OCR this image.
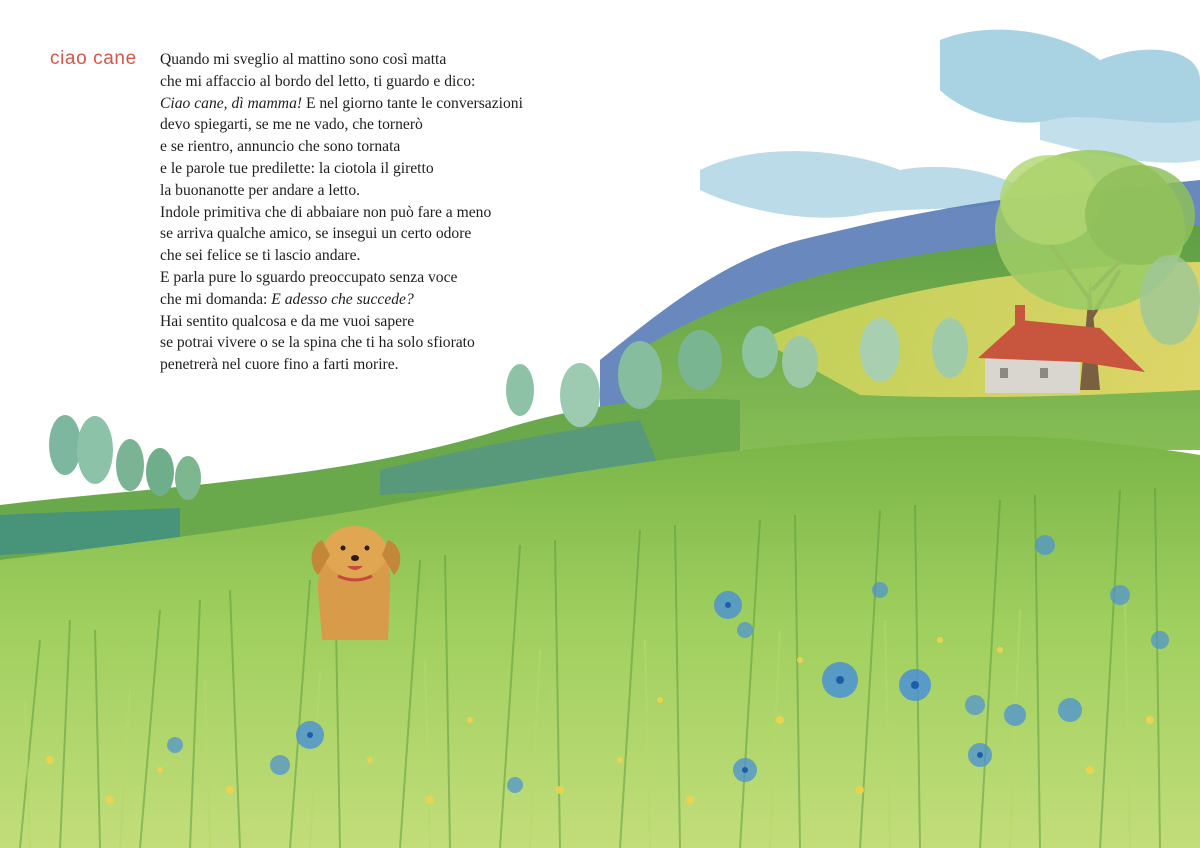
ciao cane Quando mi sveglio al mattino sono così matta
che mi affaccio al bordo del letto, ti guardo e dico:
Ciao cane, dì mamma! E nel giorno tante le conversazioni
devo spiegarti, se me ne vado, che tornerò
e se rientro, annuncio che sono tornata
e le parole tue predilette: la ciotola il giretto
la buonanotte per andare a letto.
Indole primitiva che di abbaiare non può fare a meno
se arriva qualche amico, se insegui un certo odore
che sei felice se ti lascio andare.
E parla pure lo sguardo preoccupato senza voce
che mi domanda: E adesso che succede?
Hai sentito qualcosa e da me vuoi sapere
se potrai vivere o se la spina che ti ha solo sfiorato
penetrerà nel cuore fino a farti morire.
